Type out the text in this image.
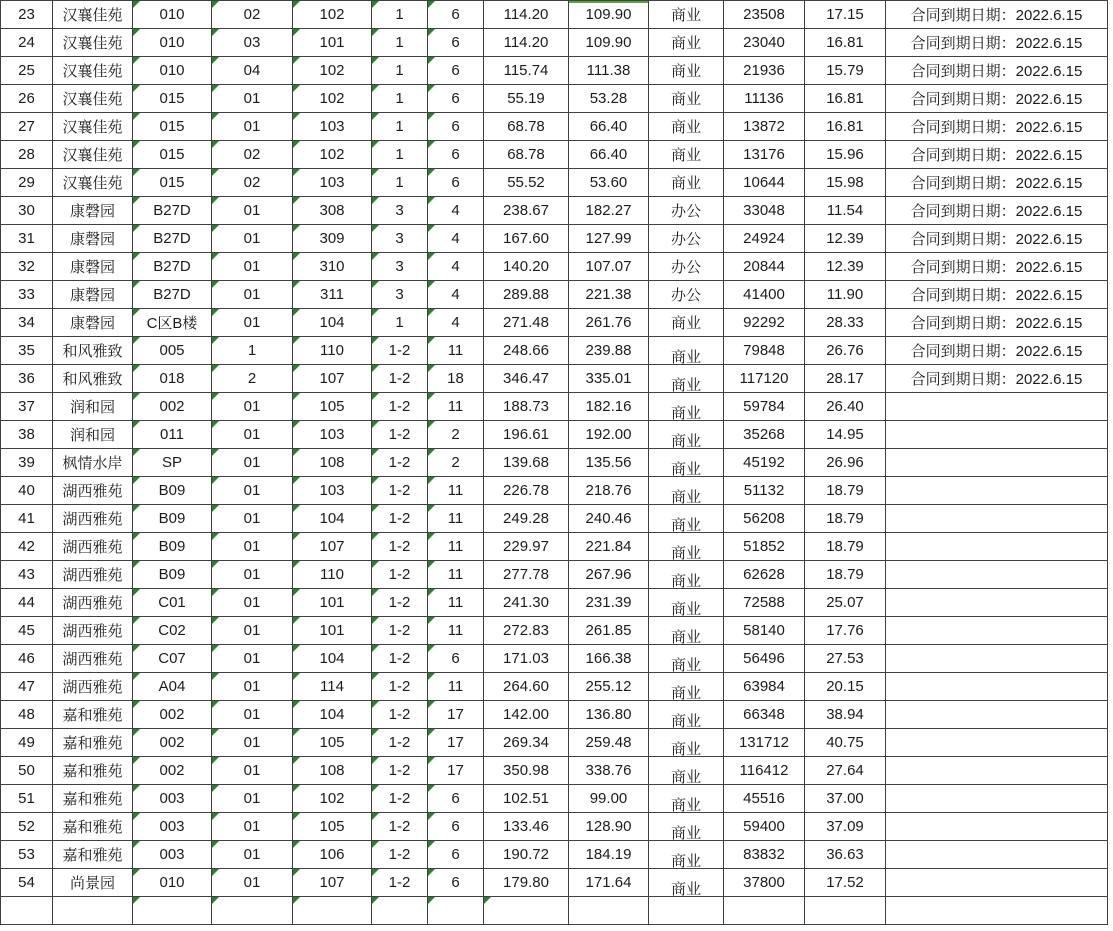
23	汉襄佳苑	010	02	102	1	6	114.20	109.90	商业	23508	17.15	合同到期日期：2022.6.15
24	汉襄佳苑	010	03	101	1	6	114.20	109.90	商业	23040	16.81	合同到期日期：2022.6.15
25	汉襄佳苑	010	04	102	1	6	115.74	111.38	商业	21936	15.79	合同到期日期：2022.6.15
26	汉襄佳苑	015	01	102	1	6	55.19	53.28	商业	11136	16.81	合同到期日期：2022.6.15
27	汉襄佳苑	015	01	103	1	6	68.78	66.40	商业	13872	16.81	合同到期日期：2022.6.15
28	汉襄佳苑	015	02	102	1	6	68.78	66.40	商业	13176	15.96	合同到期日期：2022.6.15
29	汉襄佳苑	015	02	103	1	6	55.52	53.60	商业	10644	15.98	合同到期日期：2022.6.15
30	康磬园	B27D	01	308	3	4	238.67	182.27	办公	33048	11.54	合同到期日期：2022.6.15
31	康磬园	B27D	01	309	3	4	167.60	127.99	办公	24924	12.39	合同到期日期：2022.6.15
32	康磬园	B27D	01	310	3	4	140.20	107.07	办公	20844	12.39	合同到期日期：2022.6.15
33	康磬园	B27D	01	311	3	4	289.88	221.38	办公	41400	11.90	合同到期日期：2022.6.15
34	康磬园	C区B楼	01	104	1	4	271.48	261.76	商业	92292	28.33	合同到期日期：2022.6.15
35	和风雅致	005	1	110	1-2	11	248.66	239.88	商业	79848	26.76	合同到期日期：2022.6.15
36	和风雅致	018	2	107	1-2	18	346.47	335.01	商业	117120	28.17	合同到期日期：2022.6.15
37	润和园	002	01	105	1-2	11	188.73	182.16	商业	59784	26.40	
38	润和园	011	01	103	1-2	2	196.61	192.00	商业	35268	14.95	
39	枫情水岸	SP	01	108	1-2	2	139.68	135.56	商业	45192	26.96	
40	湖西雅苑	B09	01	103	1-2	11	226.78	218.76	商业	51132	18.79	
41	湖西雅苑	B09	01	104	1-2	11	249.28	240.46	商业	56208	18.79	
42	湖西雅苑	B09	01	107	1-2	11	229.97	221.84	商业	51852	18.79	
43	湖西雅苑	B09	01	110	1-2	11	277.78	267.96	商业	62628	18.79	
44	湖西雅苑	C01	01	101	1-2	11	241.30	231.39	商业	72588	25.07	
45	湖西雅苑	C02	01	101	1-2	11	272.83	261.85	商业	58140	17.76	
46	湖西雅苑	C07	01	104	1-2	6	171.03	166.38	商业	56496	27.53	
47	湖西雅苑	A04	01	114	1-2	11	264.60	255.12	商业	63984	20.15	
48	嘉和雅苑	002	01	104	1-2	17	142.00	136.80	商业	66348	38.94	
49	嘉和雅苑	002	01	105	1-2	17	269.34	259.48	商业	131712	40.75	
50	嘉和雅苑	002	01	108	1-2	17	350.98	338.76	商业	116412	27.64	
51	嘉和雅苑	003	01	102	1-2	6	102.51	99.00	商业	45516	37.00	
52	嘉和雅苑	003	01	105	1-2	6	133.46	128.90	商业	59400	37.09	
53	嘉和雅苑	003	01	106	1-2	6	190.72	184.19	商业	83832	36.63	
54	尚景园	010	01	107	1-2	6	179.80	171.64	商业	37800	17.52	
